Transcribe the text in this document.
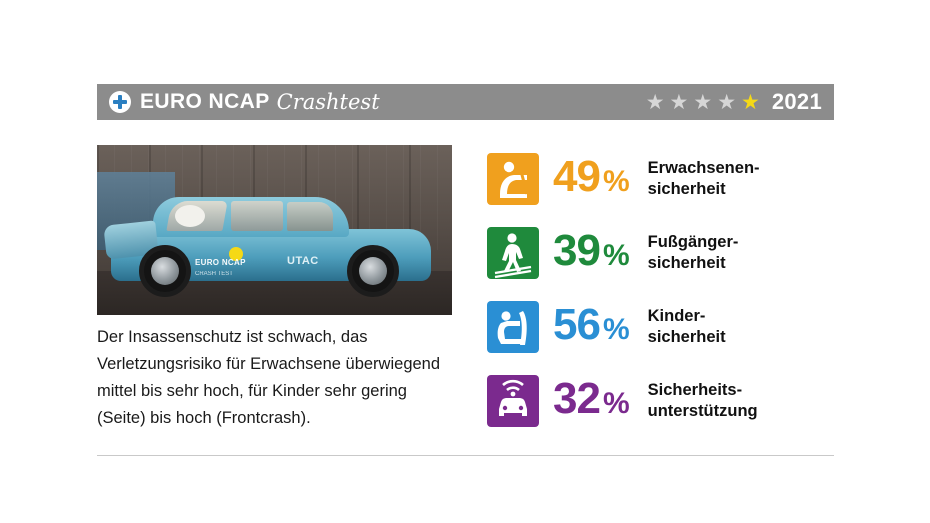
EURO NCAP Crashtest	★ ★ ★ ★ ★ 2021
EURO NCAP
CRASH TEST
UTAC
Der Insassenschutz ist schwach, das Verletzungsrisiko für Erwachsene überwiegend mittel bis sehr hoch, für Kinder sehr gering (Seite) bis hoch (Frontcrash).
49 % Erwachsenen-
sicherheit
39 % Fußgänger-
sicherheit
56 % Kinder-
sicherheit
32 % Sicherheits-
unterstützung
